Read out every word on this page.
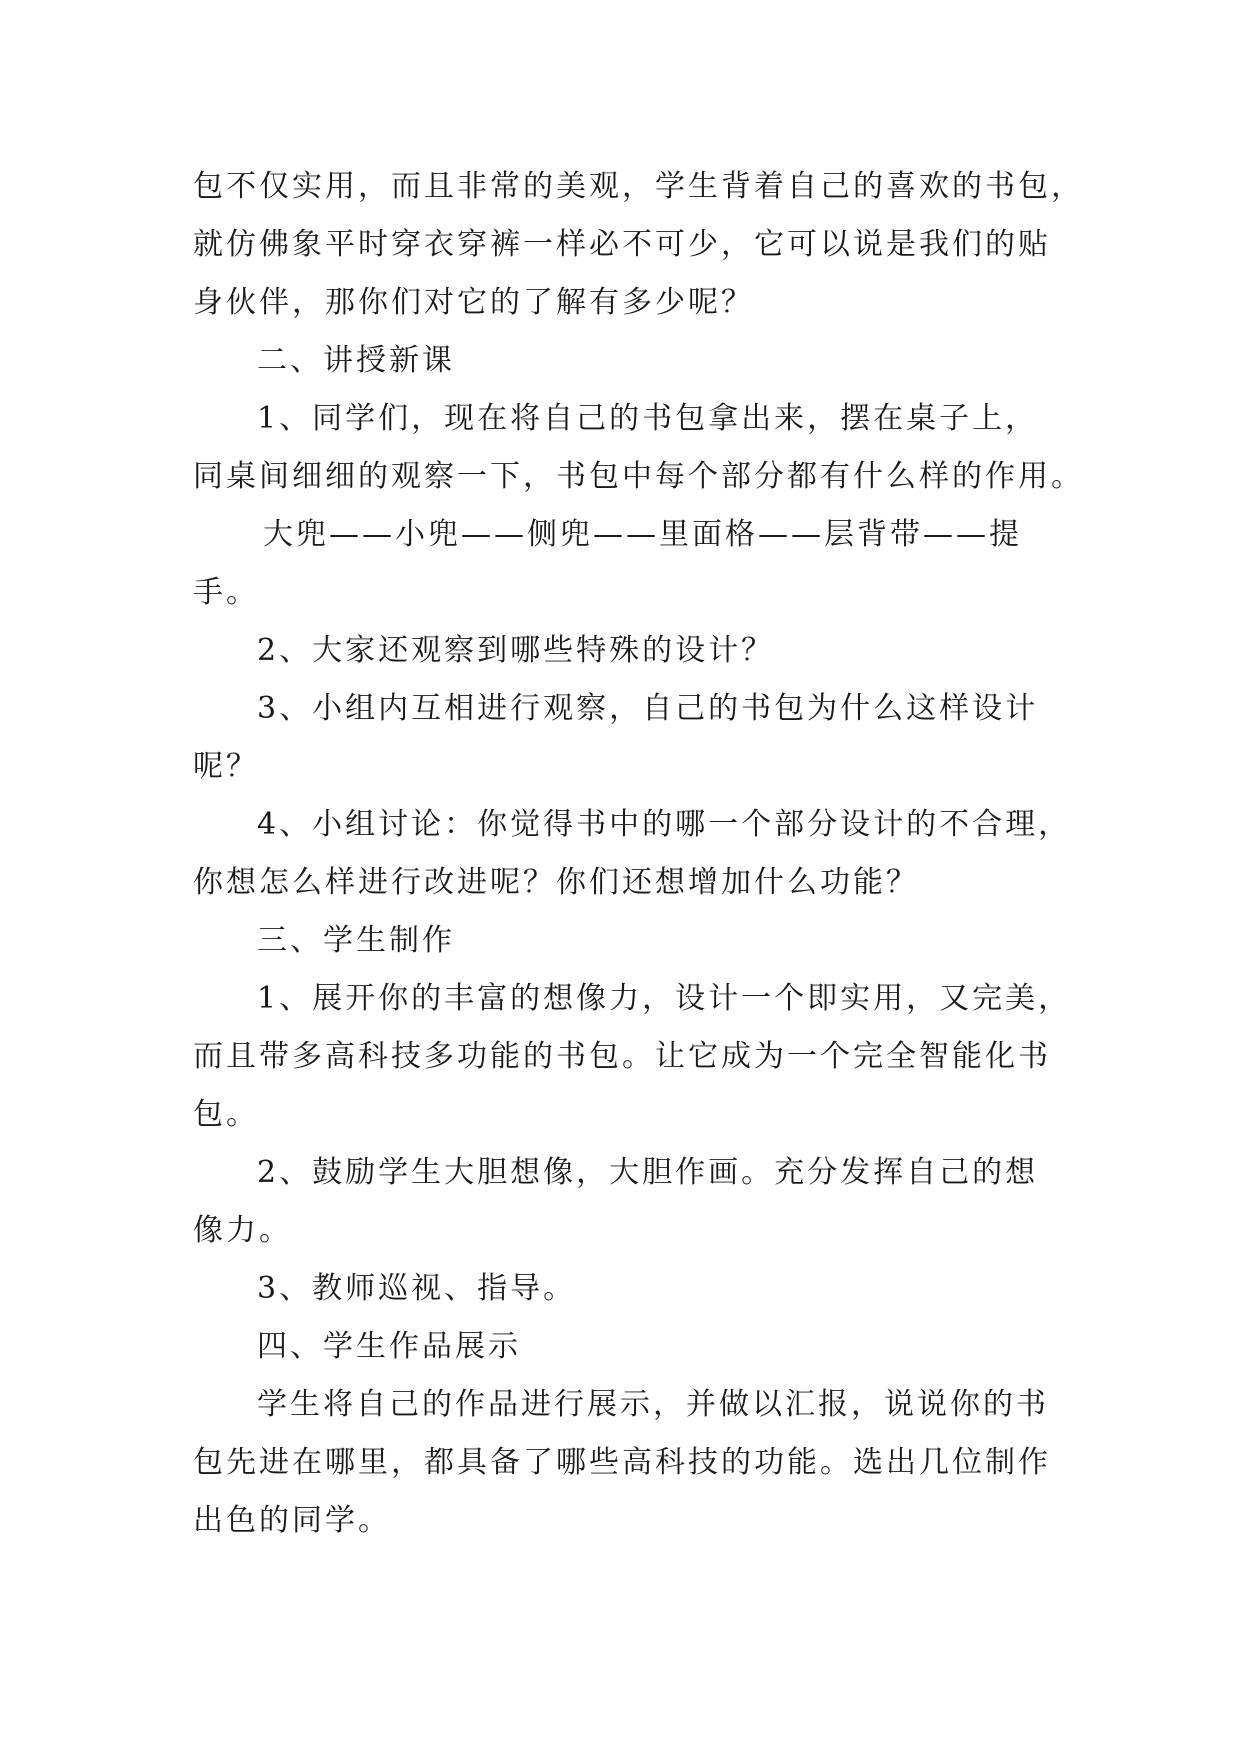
包不仅实用，而且非常的美观，学生背着自己的喜欢的书包，
就仿佛象平时穿衣穿裤一样必不可少，它可以说是我们的贴
身伙伴，那你们对它的了解有多少呢？
二、讲授新课
1、同学们，现在将自己的书包拿出来，摆在桌子上，
同桌间细细的观察一下，书包中每个部分都有什么样的作用。
大兜——小兜——侧兜——里面格——层背带——提
手。
2、大家还观察到哪些特殊的设计？
3、小组内互相进行观察，自己的书包为什么这样设计
呢？
4、小组讨论：你觉得书中的哪一个部分设计的不合理，
你想怎么样进行改进呢？你们还想增加什么功能？
三、学生制作
1、展开你的丰富的想像力，设计一个即实用，又完美，
而且带多高科技多功能的书包。让它成为一个完全智能化书
包。
2、鼓励学生大胆想像，大胆作画。充分发挥自己的想
像力。
3、教师巡视、指导。
四、学生作品展示
学生将自己的作品进行展示，并做以汇报，说说你的书
包先进在哪里，都具备了哪些高科技的功能。选出几位制作
出色的同学。
